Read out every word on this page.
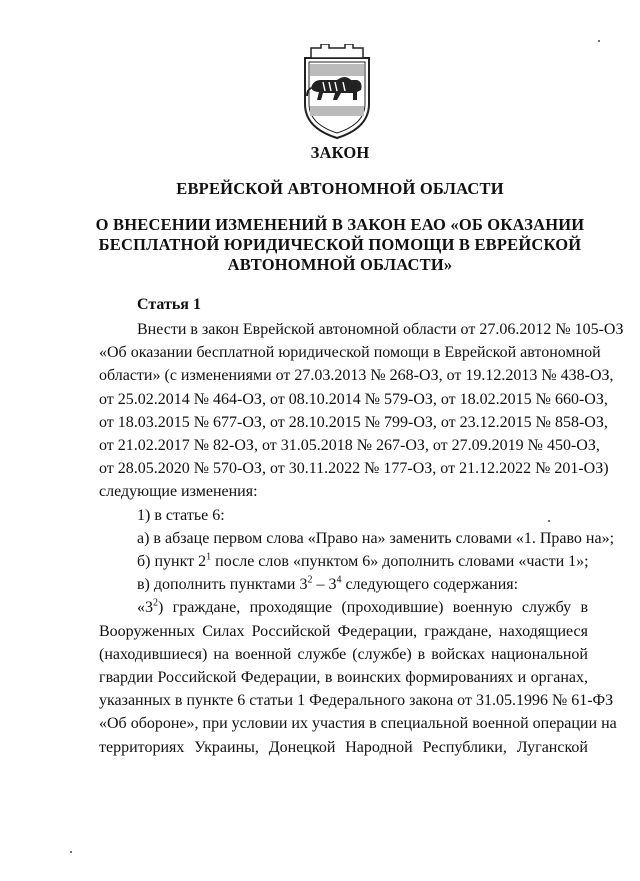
ЗАКОН
ЕВРЕЙСКОЙ АВТОНОМНОЙ ОБЛАСТИ
О ВНЕСЕНИИ ИЗМЕНЕНИЙ В ЗАКОН ЕАО «ОБ ОКАЗАНИИ
БЕСПЛАТНОЙ ЮРИДИЧЕСКОЙ ПОМОЩИ В ЕВРЕЙСКОЙ
АВТОНОМНОЙ ОБЛАСТИ»
Статья 1
Внести в закон Еврейской автономной области от 27.06.2012 № 105-ОЗ
«Об оказании бесплатной юридической помощи в Еврейской автономной
области» (с изменениями от 27.03.2013 № 268-ОЗ, от 19.12.2013 № 438-ОЗ,
от 25.02.2014 № 464-ОЗ, от 08.10.2014 № 579-ОЗ, от 18.02.2015 № 660-ОЗ,
от 18.03.2015 № 677-ОЗ, от 28.10.2015 № 799-ОЗ, от 23.12.2015 № 858-ОЗ,
от 21.02.2017 № 82-ОЗ, от 31.05.2018 № 267-ОЗ, от 27.09.2019 № 450-ОЗ,
от 28.05.2020 № 570-ОЗ, от 30.11.2022 № 177-ОЗ, от 21.12.2022 № 201-ОЗ)
следующие изменения:
1) в статье 6:
а) в абзаце первом слова «Право на» заменить словами «1. Право на»;
б) пункт $2^1$ после слов «пунктом 6» дополнить словами «части 1»;
в) дополнить пунктами $3^2 - 3^4$ следующего содержания:
«$3^2$) граждане, проходящие (проходившие) военную службу в
Вооруженных Силах Российской Федерации, граждане, находящиеся
(находившиеся) на военной службе (службе) в войсках национальной
гвардии Российской Федерации, в воинских формированиях и органах,
указанных в пункте 6 статьи 1 Федерального закона от 31.05.1996 № 61-ФЗ
«Об обороне», при условии их участия в специальной военной операции на
территориях Украины, Донецкой Народной Республики, Луганской
